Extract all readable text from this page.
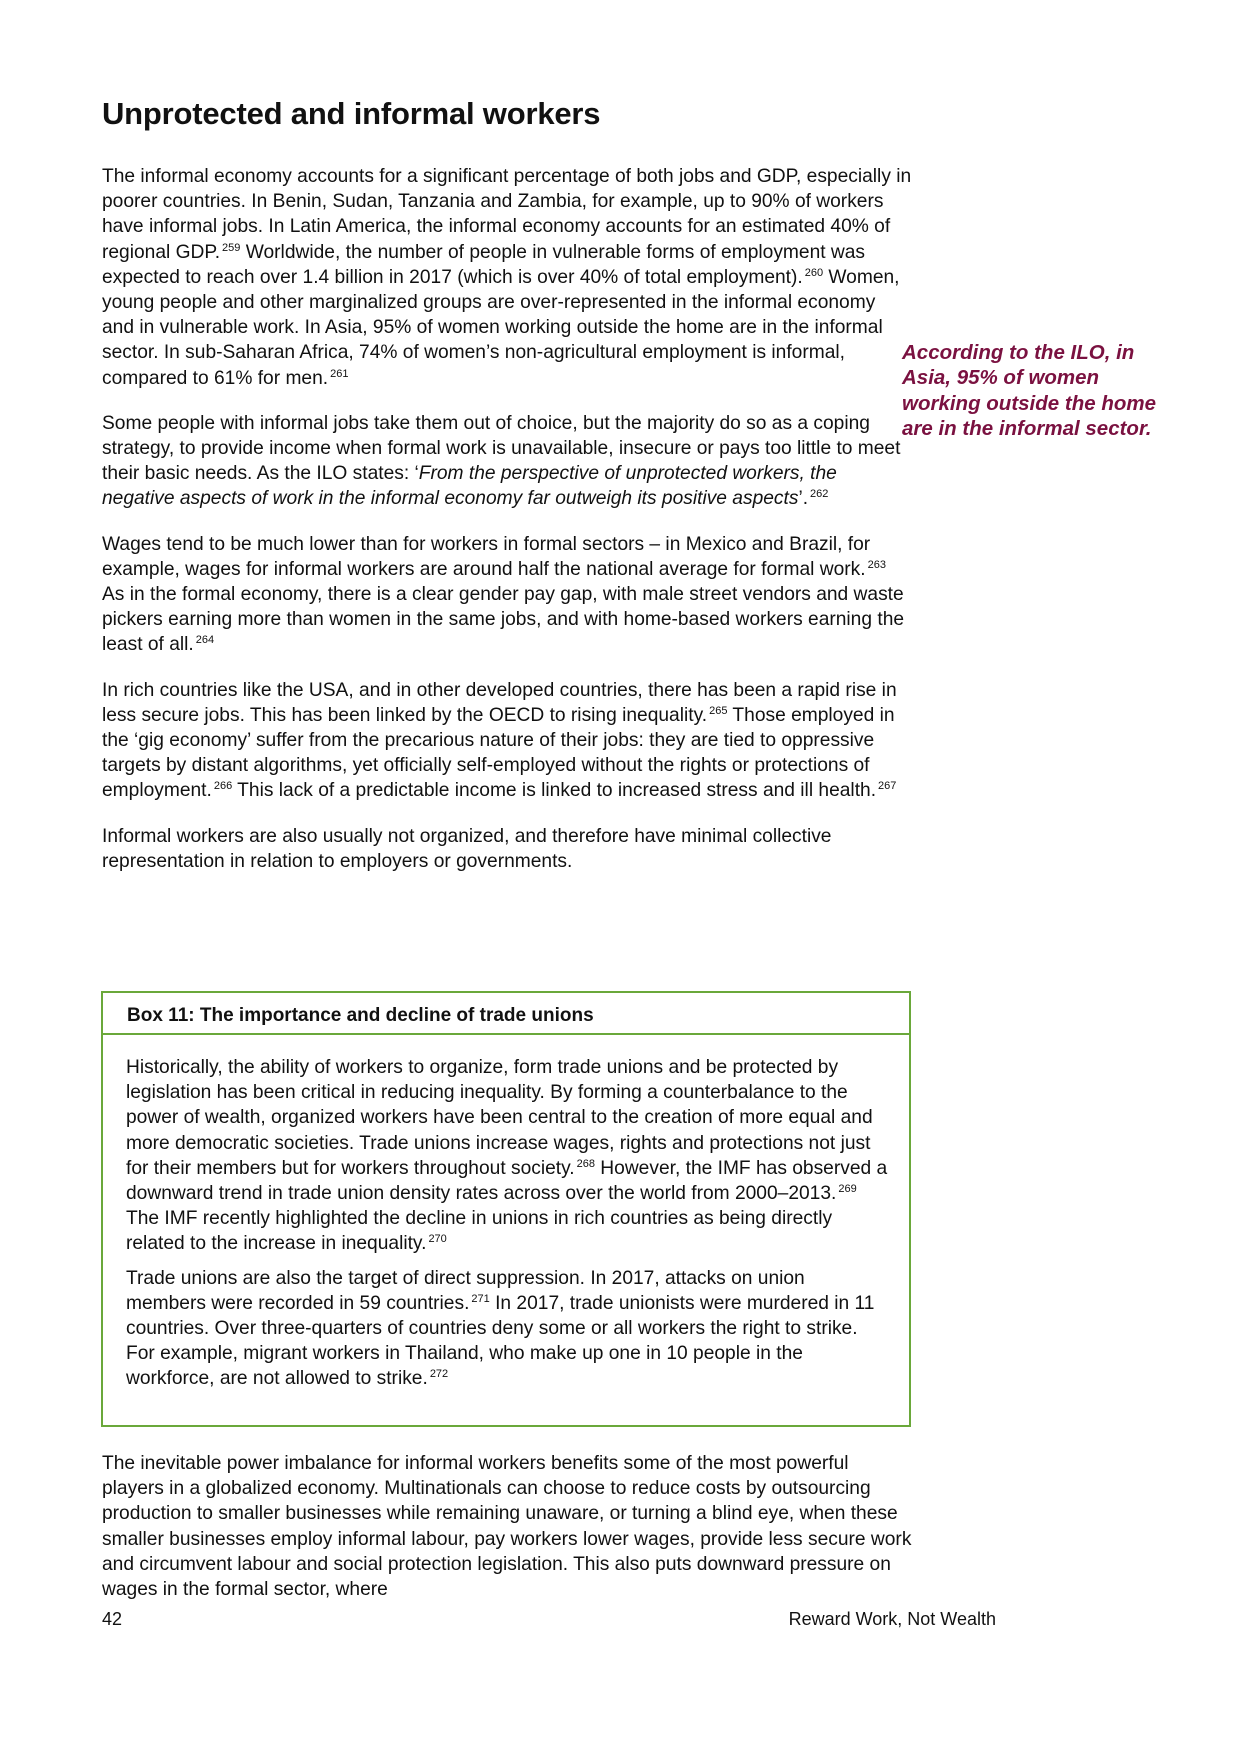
Unprotected and informal workers

The informal economy accounts for a significant percentage of both jobs and GDP, especially in poorer countries. In Benin, Sudan, Tanzania and Zambia, for example, up to 90% of workers have informal jobs. In Latin America, the informal economy accounts for an estimated 40% of regional GDP. $^{259}$ Worldwide, the number of people in vulnerable forms of employment was expected to reach over 1.4 billion in 2017 (which is over 40% of total employment). $^{260}$ Women, young people and other marginalized groups are over-represented in the informal economy and in vulnerable work. In Asia, 95% of women working outside the home are in the informal sector. In sub-Saharan Africa, 74% of women’s non-agricultural employment is informal, compared to 61% for men. $^{261}$

Some people with informal jobs take them out of choice, but the majority do so as a coping strategy, to provide income when formal work is unavailable, insecure or pays too little to meet their basic needs. As the ILO states: ‘From the perspective of unprotected workers, the negative aspects of work in the informal economy far outweigh its positive aspects’. $^{262}$

Wages tend to be much lower than for workers in formal sectors – in Mexico and Brazil, for example, wages for informal workers are around half the national average for formal work. $^{263}$ As in the formal economy, there is a clear gender pay gap, with male street vendors and waste pickers earning more than women in the same jobs, and with home-based workers earning the least of all. $^{264}$

In rich countries like the USA, and in other developed countries, there has been a rapid rise in less secure jobs. This has been linked by the OECD to rising inequality. $^{265}$ Those employed in the ‘gig economy’ suffer from the precarious nature of their jobs: they are tied to oppressive targets by distant algorithms, yet officially self-employed without the rights or protections of employment. $^{266}$ This lack of a predictable income is linked to increased stress and ill health. $^{267}$

Informal workers are also usually not organized, and therefore have minimal collective representation in relation to employers or governments.

According to the ILO, in Asia, 95% of women working outside the home are in the informal sector.
Box 11: The importance and decline of trade unions

Historically, the ability of workers to organize, form trade unions and be protected by legislation has been critical in reducing inequality. By forming a counterbalance to the power of wealth, organized workers have been central to the creation of more equal and more democratic societies. Trade unions increase wages, rights and protections not just for their members but for workers throughout society. $^{268}$ However, the IMF has observed a downward trend in trade union density rates across over the world from 2000–2013. $^{269}$ The IMF recently highlighted the decline in unions in rich countries as being directly related to the increase in inequality. $^{270}$

Trade unions are also the target of direct suppression. In 2017, attacks on union members were recorded in 59 countries. $^{271}$ In 2017, trade unionists were murdered in 11 countries. Over three-quarters of countries deny some or all workers the right to strike. For example, migrant workers in Thailand, who make up one in 10 people in the workforce, are not allowed to strike. $^{272}$

The inevitable power imbalance for informal workers benefits some of the most powerful players in a globalized economy. Multinationals can choose to reduce costs by outsourcing production to smaller businesses while remaining unaware, or turning a blind eye, when these smaller businesses employ informal labour, pay workers lower wages, provide less secure work and circumvent labour and social protection legislation. This also puts downward pressure on wages in the formal sector, where

42	Reward Work, Not Wealth
